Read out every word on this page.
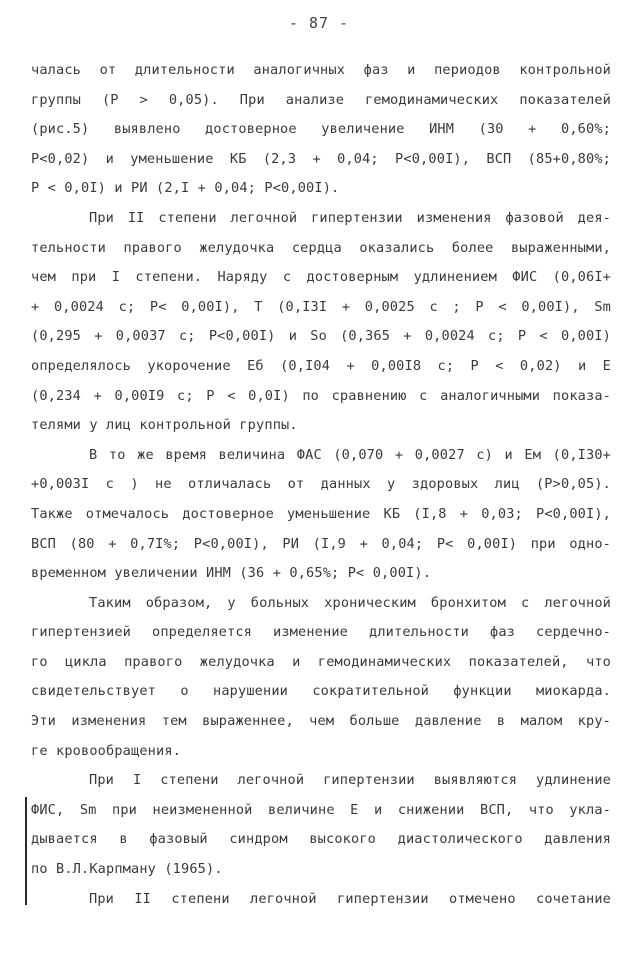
- 87 -
чалась от длительности аналогичных фаз и периодов контрольной
группы (P > 0,05). При анализе гемодинамических показателей
(рис.5) выявлено достоверное увеличение ИНМ (30 + 0,60%;
P<0,02) и уменьшение КБ (2,3 + 0,04; P<0,00I), ВСП (85+0,80%;
P < 0,0I) и РИ (2,I + 0,04; P<0,00I).
При II степени легочной гипертензии изменения фазовой дея-
тельности правого желудочка сердца оказались более выраженными,
чем при I степени. Наряду с достоверным удлинением ФИС (0,06I+
+ 0,0024 с; P< 0,00I), Т (0,I3I + 0,0025 с ; P < 0,00I), Sm
(0,295 + 0,0037 с; P<0,00I) и So (0,365 + 0,0024 с; P < 0,00I)
определялось укорочение Eб (0,I04 + 0,00I8 с; P < 0,02) и Е
(0,234 + 0,00I9 с; P < 0,0I) по сравнению с аналогичными показа-
телями у лиц контрольной группы.
В то же время величина ФАС (0,070 + 0,0027 с) и Ем (0,I30+
+0,003I с ) не отличалась от данных у здоровых лиц (P>0,05).
Также отмечалось достоверное уменьшение КБ (I,8 + 0,03; P<0,00I),
ВСП (80 + 0,7I%; P<0,00I), РИ (I,9 + 0,04; P< 0,00I) при одно-
временном увеличении ИНМ (36 + 0,65%; P< 0,00I).
Таким образом, у больных хроническим бронхитом с легочной
гипертензией определяется изменение длительности фаз сердечно-
го цикла правого желудочка и гемодинамических показателей, что
свидетельствует о нарушении сократительной функции миокарда.
Эти изменения тем выраженнее, чем больше давление в малом кру-
ге кровообращения.
При I степени легочной гипертензии выявляются удлинение
ФИС, Sm при неизмененной величине Е и снижении ВСП, что укла-
дывается в фазовый синдром высокого диастолического давления
по В.Л.Карпману (1965).
При II степени легочной гипертензии отмечено сочетание
